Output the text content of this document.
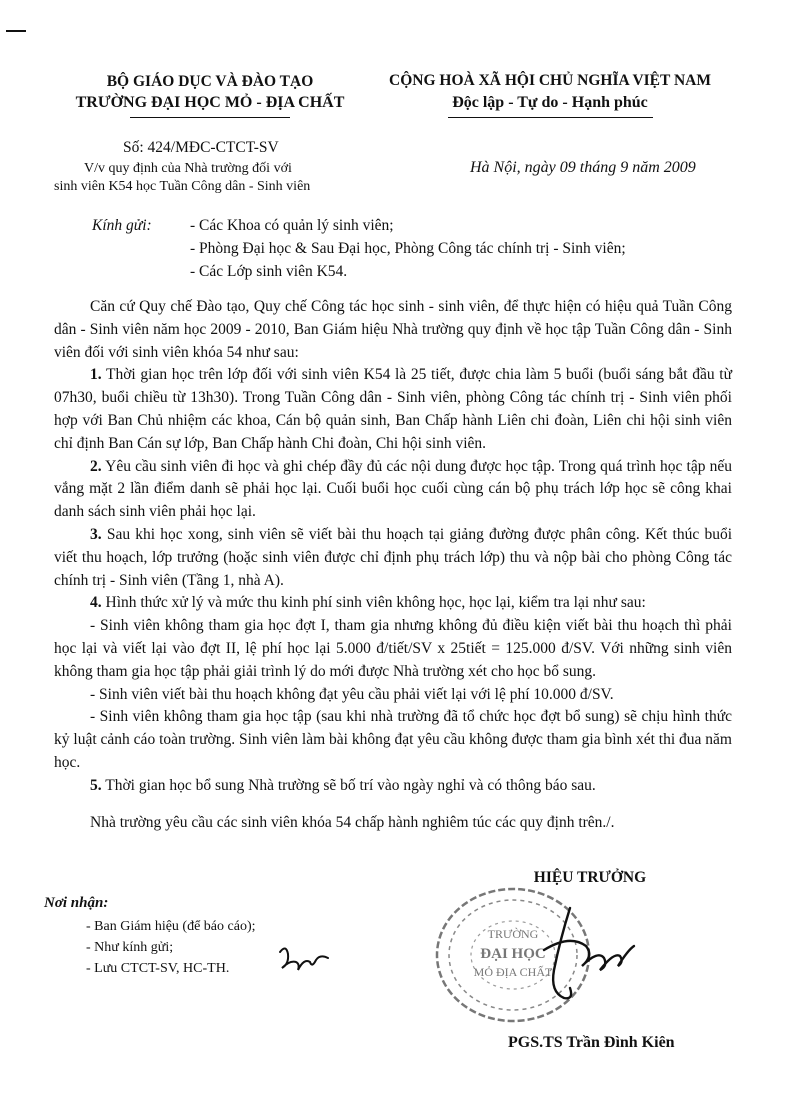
BỘ GIÁO DỤC VÀ ĐÀO TẠO
TRƯỜNG ĐẠI HỌC MỎ - ĐỊA CHẤT
CỘNG HOÀ XÃ HỘI CHỦ NGHĨA VIỆT NAM
Độc lập - Tự do - Hạnh phúc
Số: 424/MĐC-CTCT-SV
V/v quy định của Nhà trường đối với
sinh viên K54 học Tuần Công dân - Sinh viên
Hà Nội, ngày 09 tháng 9 năm 2009
Kính gửi: - Các Khoa có quản lý sinh viên;
- Phòng Đại học & Sau Đại học, Phòng Công tác chính trị - Sinh viên;
- Các Lớp sinh viên K54.
Căn cứ Quy chế Đào tạo, Quy chế Công tác học sinh - sinh viên, để thực hiện có hiệu quả Tuần Công dân - Sinh viên năm học 2009 - 2010, Ban Giám hiệu Nhà trường quy định về học tập Tuần Công dân - Sinh viên đối với sinh viên khóa 54 như sau:
1. Thời gian học trên lớp đối với sinh viên K54 là 25 tiết, được chia làm 5 buổi (buổi sáng bắt đầu từ 07h30, buổi chiều từ 13h30). Trong Tuần Công dân - Sinh viên, phòng Công tác chính trị - Sinh viên phối hợp với Ban Chủ nhiệm các khoa, Cán bộ quản sinh, Ban Chấp hành Liên chi đoàn, Liên chi hội sinh viên chỉ định Ban Cán sự lớp, Ban Chấp hành Chi đoàn, Chi hội sinh viên.
2. Yêu cầu sinh viên đi học và ghi chép đầy đủ các nội dung được học tập. Trong quá trình học tập nếu vắng mặt 2 lần điểm danh sẽ phải học lại. Cuối buổi học cuối cùng cán bộ phụ trách lớp học sẽ công khai danh sách sinh viên phải học lại.
3. Sau khi học xong, sinh viên sẽ viết bài thu hoạch tại giảng đường được phân công. Kết thúc buổi viết thu hoạch, lớp trưởng (hoặc sinh viên được chỉ định phụ trách lớp) thu và nộp bài cho phòng Công tác chính trị - Sinh viên (Tầng 1, nhà A).
4. Hình thức xử lý và mức thu kinh phí sinh viên không học, học lại, kiểm tra lại như sau:
- Sinh viên không tham gia học đợt I, tham gia nhưng không đủ điều kiện viết bài thu hoạch thì phải học lại và viết lại vào đợt II, lệ phí học lại 5.000 đ/tiết/SV x 25tiết = 125.000 đ/SV. Với những sinh viên không tham gia học tập phải giải trình lý do mới được Nhà trường xét cho học bổ sung.
- Sinh viên viết bài thu hoạch không đạt yêu cầu phải viết lại với lệ phí 10.000 đ/SV.
- Sinh viên không tham gia học tập (sau khi nhà trường đã tổ chức học đợt bổ sung) sẽ chịu hình thức kỷ luật cảnh cáo toàn trường. Sinh viên làm bài không đạt yêu cầu không được tham gia bình xét thi đua năm học.
5. Thời gian học bổ sung Nhà trường sẽ bố trí vào ngày nghỉ và có thông báo sau.
Nhà trường yêu cầu các sinh viên khóa 54 chấp hành nghiêm túc các quy định trên./.
Nơi nhận:
- Ban Giám hiệu (để báo cáo);
- Như kính gửi;
- Lưu CTCT-SV, HC-TH.
HIỆU TRƯỞNG
TRƯỜNG
ĐẠI HỌC
MỎ ĐỊA CHẤT
PGS.TS Trần Đình Kiên
